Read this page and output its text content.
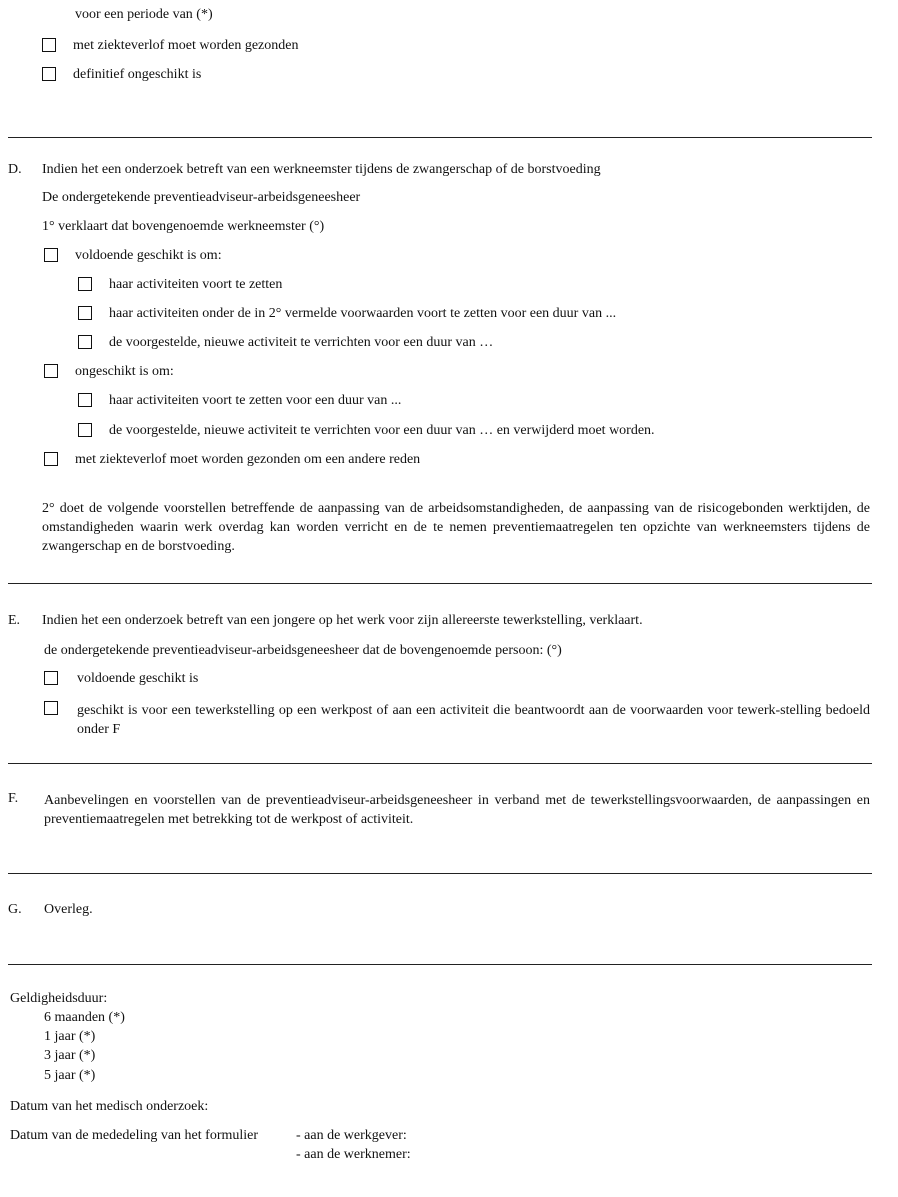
voor een periode van (*)
met ziekteverlof moet worden gezonden
definitief ongeschikt is
D. Indien het een onderzoek betreft van een werkneemster tijdens de zwangerschap of de borstvoeding
De ondergetekende preventieadviseur-arbeidsgeneesheer
1° verklaart dat bovengenoemde werkneemster (°)
voldoende geschikt is om:
haar activiteiten voort te zetten
haar activiteiten onder de in 2° vermelde voorwaarden voort te zetten voor een duur van ...
de voorgestelde, nieuwe activiteit te verrichten voor een duur van …
ongeschikt is om:
haar activiteiten voort te zetten voor een duur van ...
de voorgestelde, nieuwe activiteit te verrichten voor een duur van … en verwijderd moet worden.
met ziekteverlof moet worden gezonden om een andere reden
2° doet de volgende voorstellen betreffende de aanpassing van de arbeidsomstandigheden, de aanpassing van de risicogebonden werktijden, de omstandigheden waarin werk overdag kan worden verricht en de te nemen preventiemaatregelen ten opzichte van werkneemsters tijdens de zwangerschap en de borstvoeding.
E. Indien het een onderzoek betreft van een jongere op het werk voor zijn allereerste tewerkstelling, verklaart.
de ondergetekende preventieadviseur-arbeidsgeneesheer dat de bovengenoemde persoon: (°)
voldoende geschikt is
geschikt is voor een tewerkstelling op een werkpost of aan een activiteit die beantwoordt aan de voorwaarden voor tewerk-stelling bedoeld onder F
F. Aanbevelingen en voorstellen van de preventieadviseur-arbeidsgeneesheer in verband met de tewerkstellingsvoorwaarden, de aanpassingen en preventiemaatregelen met betrekking tot de werkpost of activiteit.
G. Overleg.
Geldigheidsduur:
6 maanden (*)
1 jaar (*)
3 jaar (*)
5 jaar (*)
Datum van het medisch onderzoek:
Datum van de mededeling van het formulier	- aan de werkgever:
- aan de werknemer:
